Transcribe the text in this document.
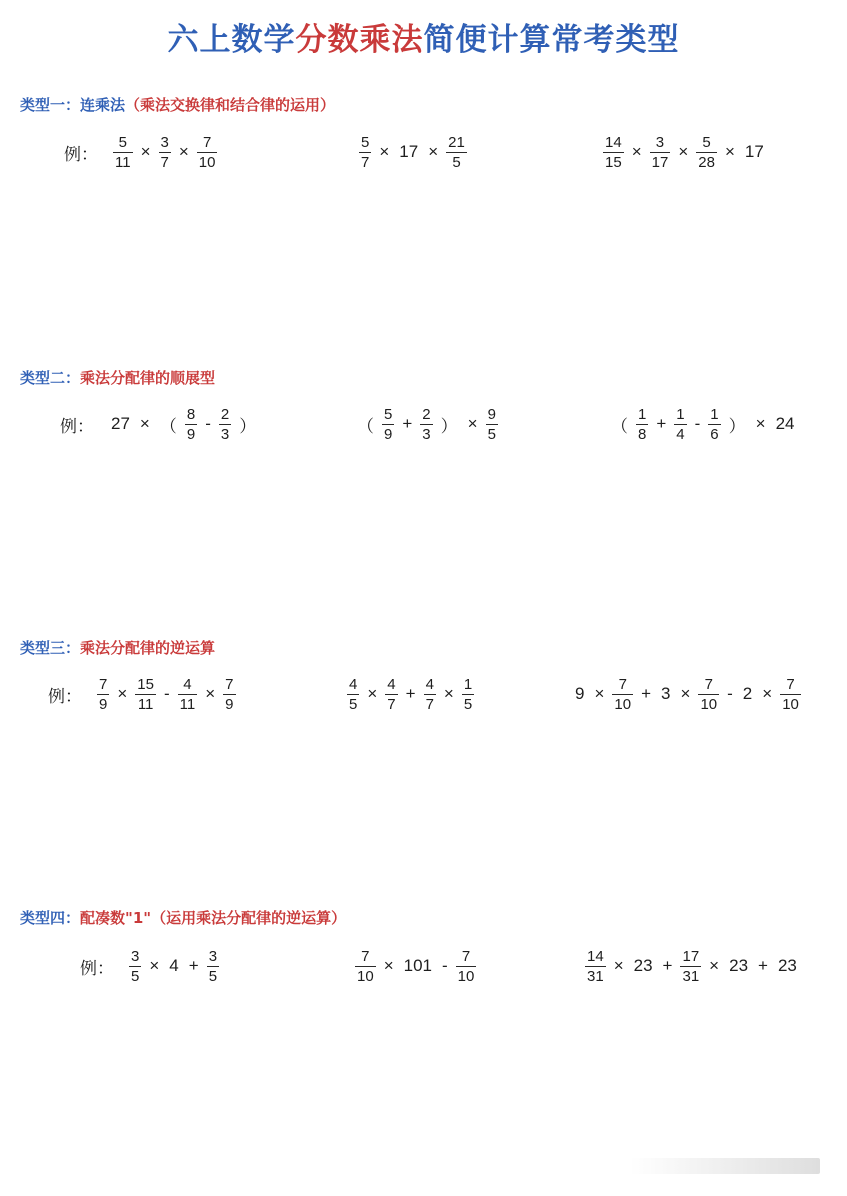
六上数学分数乘法简便计算常考类型
类型一：连乘法（乘法交换律和结合律的运用）
例： $\frac{5}{11} \times \frac{3}{7} \times \frac{7}{10}$	$\frac{5}{7} \times 17 \times \frac{21}{5}$	$\frac{14}{15} \times \frac{3}{17} \times \frac{5}{28} \times 17$
类型二：乘法分配律的顺展型
例：	27 × （ $\frac{8}{9} - \frac{2}{3}$ ）	（ $\frac{5}{9} + \frac{2}{3}$ ） × $\frac{9}{5}$	（ $\frac{1}{8} + \frac{1}{4} - \frac{1}{6}$ ） × 24
类型三：乘法分配律的逆运算
例： $\frac{7}{9} \times \frac{15}{11} - \frac{4}{11} \times \frac{7}{9}$	$\frac{4}{5} \times \frac{4}{7} + \frac{4}{7} \times \frac{1}{5}$	$9 \times \frac{7}{10} + 3 \times \frac{7}{10} - 2 \times \frac{7}{10}$
类型四：配凑数"1"（运用乘法分配律的逆运算）
例： $\frac{3}{5} \times 4 + \frac{3}{5}$	$\frac{7}{10} \times 101 - \frac{7}{10}$	$\frac{14}{31} \times 23 + \frac{17}{31} \times 23 + 23$
